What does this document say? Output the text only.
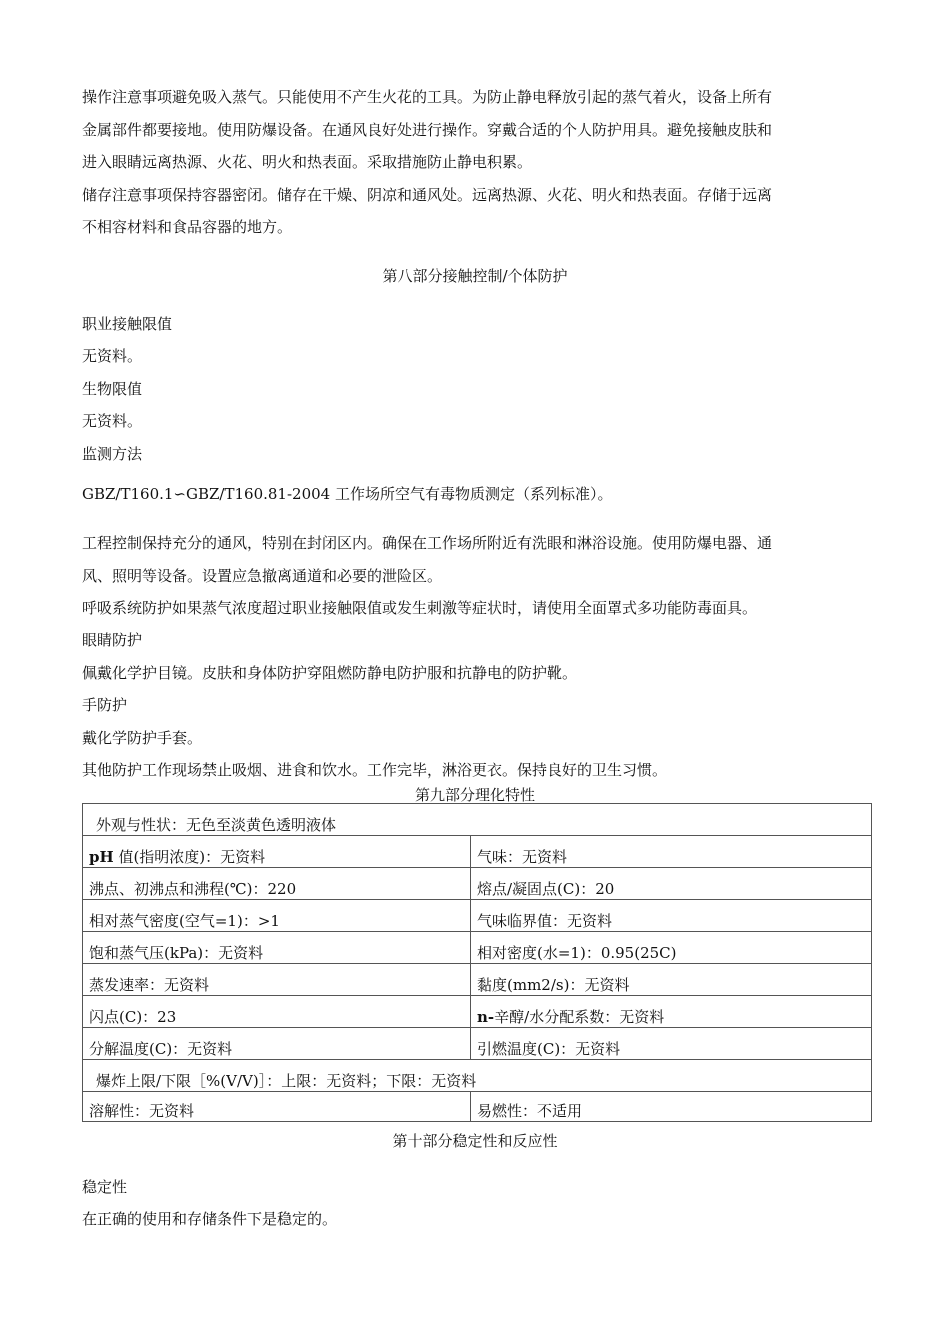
操作注意事项避免吸入蒸气。只能使用不产生火花的工具。为防止静电释放引起的蒸气着火，设备上所有

金属部件都要接地。使用防爆设备。在通风良好处进行操作。穿戴合适的个人防护用具。避免接触皮肤和

进入眼睛远离热源、火花、明火和热表面。采取措施防止静电积累。

储存注意事项保持容器密闭。储存在干燥、阴凉和通风处。远离热源、火花、明火和热表面。存储于远离

不相容材料和食品容器的地方。

第八部分接触控制/个体防护

职业接触限值

无资料。

生物限值

无资料。

监测方法

GBZ/T160.1∽GBZ/T160.81-2004 工作场所空气有毒物质测定（系列标准）。

工程控制保持充分的通风，特别在封闭区内。确保在工作场所附近有洗眼和淋浴设施。使用防爆电器、通

风、照明等设备。设置应急撤离通道和必要的泄险区。

呼吸系统防护如果蒸气浓度超过职业接触限值或发生刺激等症状时，请使用全面罩式多功能防毒面具。

眼睛防护

佩戴化学护目镜。皮肤和身体防护穿阻燃防静电防护服和抗静电的防护靴。

手防护

戴化学防护手套。

其他防护工作现场禁止吸烟、进食和饮水。工作完毕，淋浴更衣。保持良好的卫生习惯。

第九部分理化特性
外观与性状：无色至淡黄色透明液体	
pH 值(指明浓度)：无资料	气味：无资料
沸点、初沸点和沸程(℃)：220	熔点/凝固点(C)：20
相对蒸气密度(空气=1)：>1	气味临界值：无资料
饱和蒸气压(kPa)：无资料	相对密度(水=1)：0.95(25C)
蒸发速率：无资料	黏度(mm2/s)：无资料
闪点(C)：23	n-辛醇/水分配系数：无资料
分解温度(C)：无资料	引燃温度(C)：无资料
爆炸上限/下限［%(V/V)］：上限：无资料；下限：无资料	
溶解性：无资料	易燃性：不适用
第十部分稳定性和反应性

稳定性

在正确的使用和存储条件下是稳定的。
